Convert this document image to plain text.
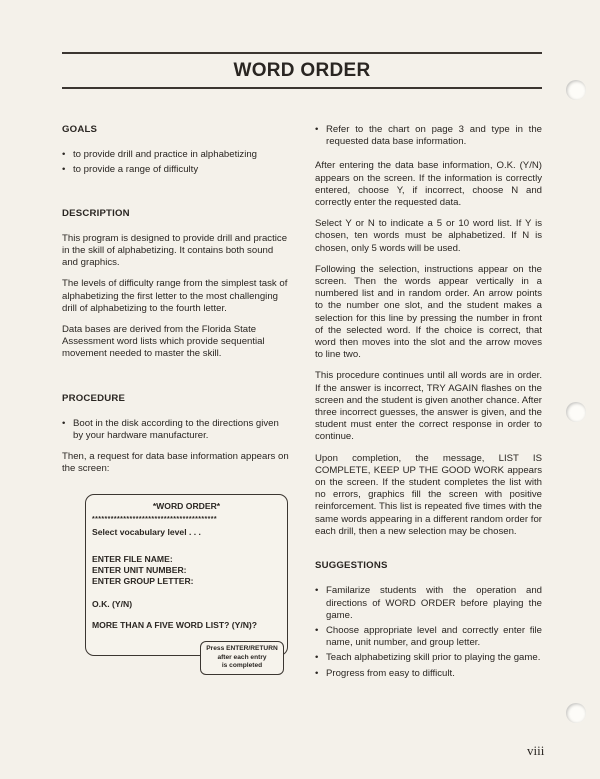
WORD ORDER

GOALS

• to provide drill and practice in alphabetizing
• to provide a range of difficulty

DESCRIPTION

This program is designed to provide drill and practice in the skill of alphabetizing. It contains both sound and graphics.

The levels of difficulty range from the simplest task of alphabetizing the first letter to the most challenging drill of alphabetizing to the fourth letter.

Data bases are derived from the Florida State Assessment word lists which provide sequential movement needed to master the skill.

PROCEDURE

• Boot in the disk according to the directions given by your hardware manufacturer.

Then, a request for data base information appears on the screen:

*WORD ORDER*
****************************************
Select vocabulary level . . .
ENTER FILE NAME:
ENTER UNIT NUMBER:
ENTER GROUP LETTER:
O.K. (Y/N)
MORE THAN A FIVE WORD LIST? (Y/N)?
Press ENTER/RETURN
after each entry
is completed
• Refer to the chart on page 3 and type in the requested data base information.

After entering the data base information, O.K. (Y/N) appears on the screen. If the information is correctly entered, choose Y, if incorrect, choose N and correctly enter the requested data.

Select Y or N to indicate a 5 or 10 word list. If Y is chosen, ten words must be alphabetized. If N is chosen, only 5 words will be used.

Following the selection, instructions appear on the screen. Then the words appear vertically in a numbered list and in random order. An arrow points to the number one slot, and the student makes a selection for this line by pressing the number in front of the selected word. If the choice is correct, that word then moves into the slot and the arrow moves to line two.

This procedure continues until all words are in order. If the answer is incorrect, TRY AGAIN flashes on the screen and the student is given another chance. After three incorrect guesses, the answer is given, and the student must enter the correct response in order to continue.

Upon completion, the message, LIST IS COMPLETE, KEEP UP THE GOOD WORK appears on the screen. If the student completes the list with no errors, graphics fill the screen with positive reinforcement. This list is repeated five times with the same words appearing in a different random order for each drill, then a new selection may be chosen.

SUGGESTIONS

• Familarize students with the operation and directions of WORD ORDER before playing the game.
• Choose appropriate level and correctly enter file name, unit number, and group letter.
• Teach alphabetizing skill prior to playing the game.
• Progress from easy to difficult.
viii
